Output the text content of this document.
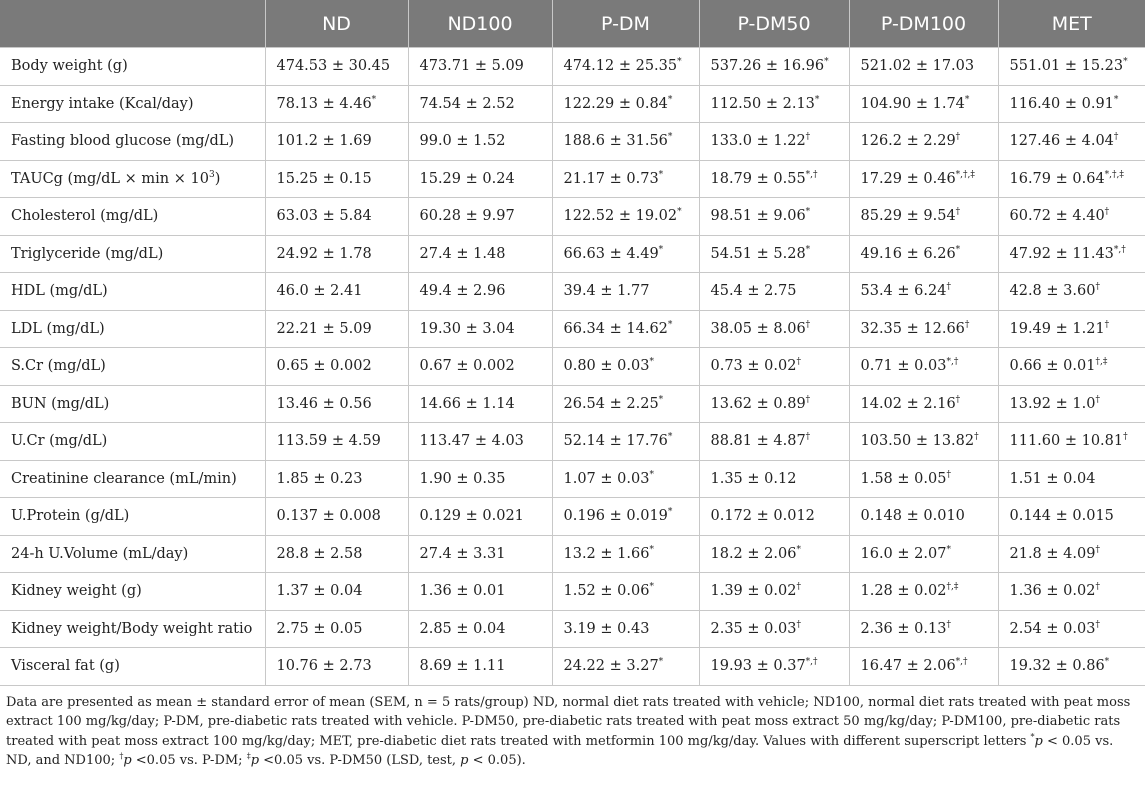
	ND	ND100	P-DM	P-DM50	P-DM100	MET
Body weight (g)	474.53 ± 30.45	473.71 ± 5.09	474.12 ± 25.35*	537.26 ± 16.96*	521.02 ± 17.03	551.01 ± 15.23*
Energy intake (Kcal/day)	78.13 ± 4.46*	74.54 ± 2.52	122.29 ± 0.84*	112.50 ± 2.13*	104.90 ± 1.74*	116.40 ± 0.91*
Fasting blood glucose (mg/dL)	101.2 ± 1.69	99.0 ± 1.52	188.6 ± 31.56*	133.0 ± 1.22†	126.2 ± 2.29†	127.46 ± 4.04†
TAUCg $(mg/dL \times \min \times 10^3)$	15.25 ± 0.15	15.29 ± 0.24	21.17 ± 0.73*	18.79 ± 0.55*,†	17.29 ± 0.46*,†,‡	16.79 ± 0.64*,†,‡
Cholesterol (mg/dL)	63.03 ± 5.84	60.28 ± 9.97	122.52 ± 19.02*	98.51 ± 9.06*	85.29 ± 9.54†	60.72 ± 4.40†
Triglyceride (mg/dL)	24.92 ± 1.78	27.4 ± 1.48	66.63 ± 4.49*	54.51 ± 5.28*	49.16 ± 6.26*	47.92 ± 11.43*,†
HDL (mg/dL)	46.0 ± 2.41	49.4 ± 2.96	39.4 ± 1.77	45.4 ± 2.75	53.4 ± 6.24†	42.8 ± 3.60†
LDL (mg/dL)	22.21 ± 5.09	19.30 ± 3.04	66.34 ± 14.62*	38.05 ± 8.06†	32.35 ± 12.66†	19.49 ± 1.21†
S.Cr (mg/dL)	0.65 ± 0.002	0.67 ± 0.002	0.80 ± 0.03*	0.73 ± 0.02†	0.71 ± 0.03*,†	0.66 ± 0.01†,‡
BUN (mg/dL)	13.46 ± 0.56	14.66 ± 1.14	26.54 ± 2.25*	13.62 ± 0.89†	14.02 ± 2.16†	13.92 ± 1.0†
U.Cr (mg/dL)	113.59 ± 4.59	113.47 ± 4.03	52.14 ± 17.76*	88.81 ± 4.87†	103.50 ± 13.82†	111.60 ± 10.81†
Creatinine clearance (mL/min)	1.85 ± 0.23	1.90 ± 0.35	1.07 ± 0.03*	1.35 ± 0.12	1.58 ± 0.05†	1.51 ± 0.04
U.Protein (g/dL)	0.137 ± 0.008	0.129 ± 0.021	0.196 ± 0.019*	0.172 ± 0.012	0.148 ± 0.010	0.144 ± 0.015
24-h U.Volume (mL/day)	28.8 ± 2.58	27.4 ± 3.31	13.2 ± 1.66*	18.2 ± 2.06*	16.0 ± 2.07*	21.8 ± 4.09†
Kidney weight (g)	1.37 ± 0.04	1.36 ± 0.01	1.52 ± 0.06*	1.39 ± 0.02†	1.28 ± 0.02†,‡	1.36 ± 0.02†
Kidney weight/Body weight ratio	2.75 ± 0.05	2.85 ± 0.04	3.19 ± 0.43	2.35 ± 0.03†	2.36 ± 0.13†	2.54 ± 0.03†
Visceral fat (g)	10.76 ± 2.73	8.69 ± 1.11	24.22 ± 3.27*	19.93 ± 0.37*,†	16.47 ± 2.06*,†	19.32 ± 0.86*
Data are presented as mean ± standard error of mean (SEM, n = 5 rats/group) ND, normal diet rats treated with vehicle; ND100, normal diet rats treated with peat moss extract 100 mg/kg/day; P-DM, pre-diabetic rats treated with vehicle. P-DM50, pre-diabetic rats treated with peat moss extract 50 mg/kg/day; P-DM100, pre-diabetic rats treated with peat moss extract 100 mg/kg/day; MET, pre-diabetic diet rats treated with metformin 100 mg/kg/day. Values with different superscript letters *p < 0.05 vs. ND, and ND100; †p <0.05 vs. P-DM; ‡p <0.05 vs. P-DM50 (LSD, test, p < 0.05).
